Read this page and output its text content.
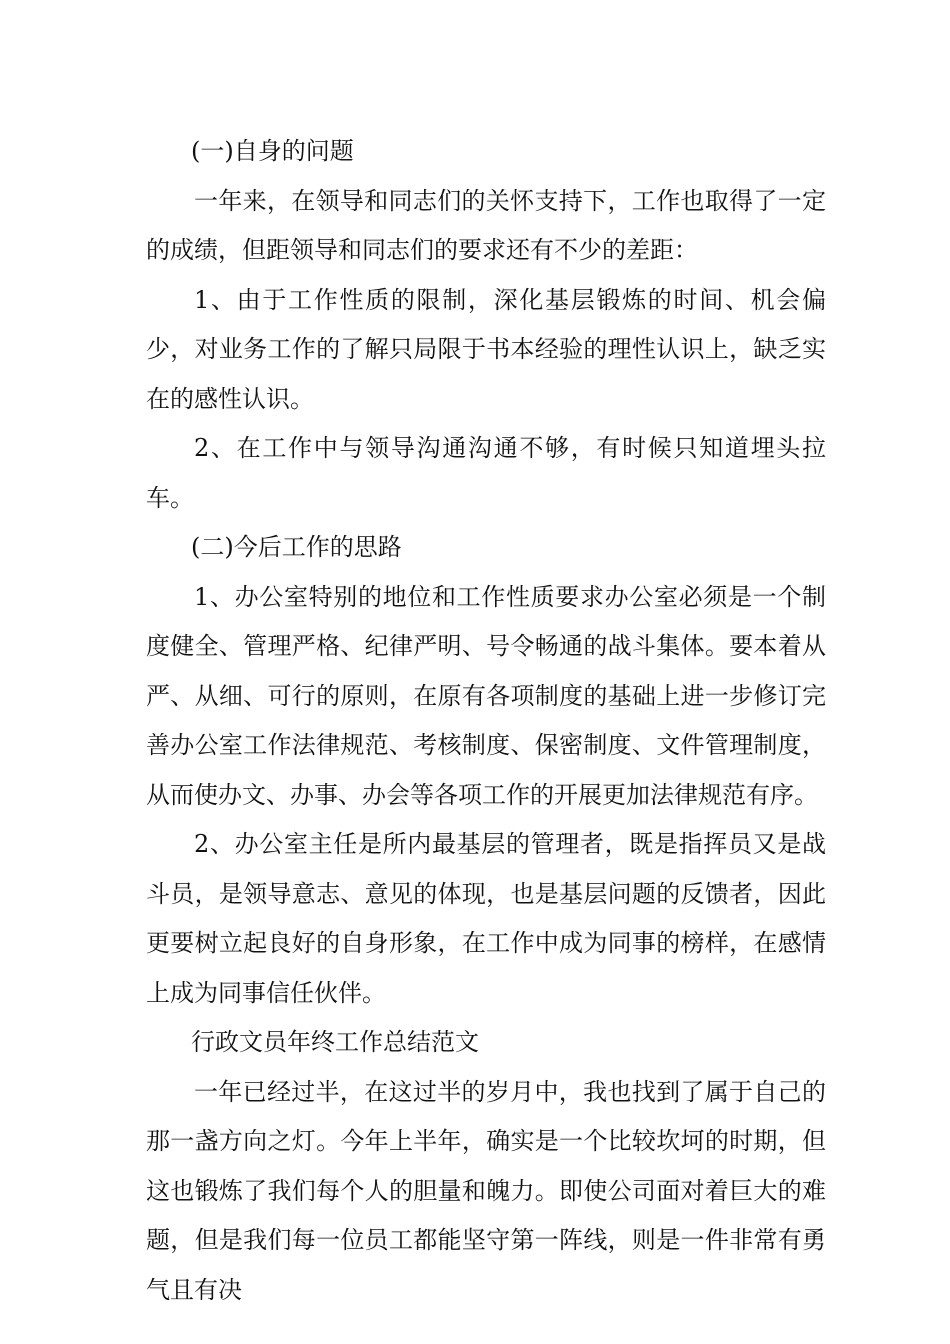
(一)自身的问题

一年来，在领导和同志们的关怀支持下，工作也取得了一定的成绩，但距领导和同志们的要求还有不少的差距：

1、由于工作性质的限制，深化基层锻炼的时间、机会偏少，对业务工作的了解只局限于书本经验的理性认识上，缺乏实在的感性认识。

2、在工作中与领导沟通沟通不够，有时候只知道埋头拉车。

(二)今后工作的思路

1、办公室特别的地位和工作性质要求办公室必须是一个制度健全、管理严格、纪律严明、号令畅通的战斗集体。要本着从严、从细、可行的原则，在原有各项制度的基础上进一步修订完善办公室工作法律规范、考核制度、保密制度、文件管理制度，从而使办文、办事、办会等各项工作的开展更加法律规范有序。

2、办公室主任是所内最基层的管理者，既是指挥员又是战斗员，是领导意志、意见的体现，也是基层问题的反馈者，因此更要树立起良好的自身形象，在工作中成为同事的榜样，在感情上成为同事信任伙伴。

行政文员年终工作总结范文

一年已经过半，在这过半的岁月中，我也找到了属于自己的那一盏方向之灯。今年上半年，确实是一个比较坎坷的时期，但这也锻炼了我们每个人的胆量和魄力。即使公司面对着巨大的难题，但是我们每一位员工都能坚守第一阵线，则是一件非常有勇气且有决
